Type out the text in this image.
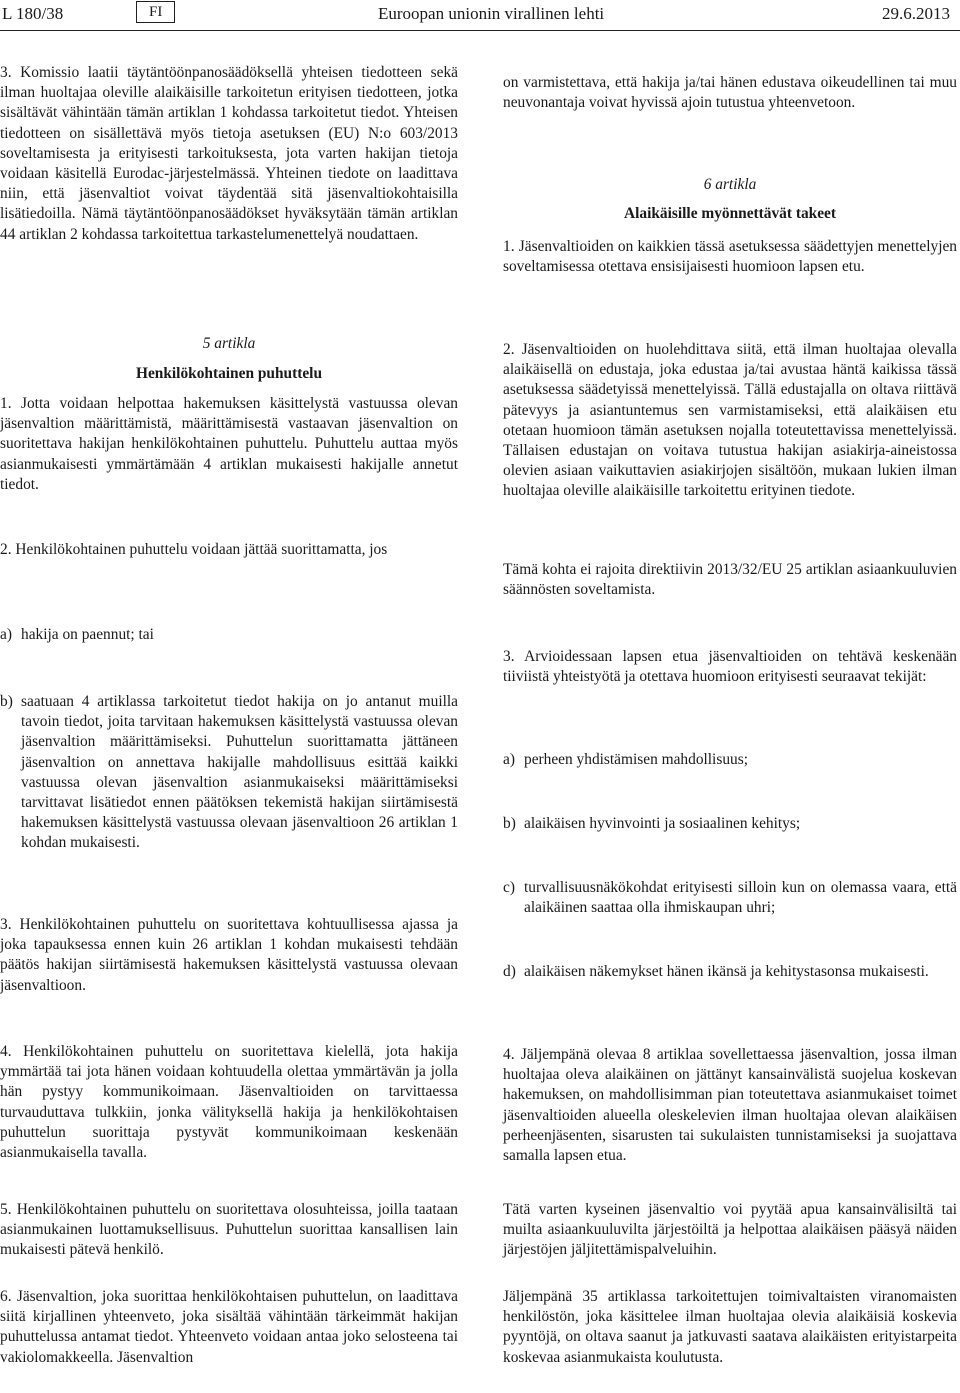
L 180/38	FI	Euroopan unionin virallinen lehti	29.6.2013

3. Komissio laatii täytäntöönpanosäädöksellä yhteisen tiedotteen sekä ilman huoltajaa oleville alaikäisille tarkoitetun erityisen tiedotteen, jotka sisältävät vähintään tämän artiklan 1 kohdassa tarkoitetut tiedot. Yhteisen tiedotteen on sisällettävä myös tietoja asetuksen (EU) N:o 603/2013 soveltamisesta ja erityisesti tarkoituksesta, jota varten hakijan tietoja voidaan käsitellä Eurodac-järjestelmässä. Yhteinen tiedote on laadittava niin, että jäsenvaltiot voivat täydentää sitä jäsenvaltiokohtaisilla lisätiedoilla. Nämä täytäntöönpanosäädökset hyväksytään tämän artiklan 44 artiklan 2 kohdassa tarkoitettua tarkastelumenettelyä noudattaen.

5 artikla

Henkilökohtainen puhuttelu

1. Jotta voidaan helpottaa hakemuksen käsittelystä vastuussa olevan jäsenvaltion määrittämistä, määrittämisestä vastaavan jäsenvaltion on suoritettava hakijan henkilökohtainen puhuttelu. Puhuttelu auttaa myös asianmukaisesti ymmärtämään 4 artiklan mukaisesti hakijalle annetut tiedot.

2. Henkilökohtainen puhuttelu voidaan jättää suorittamatta, jos

a) hakija on paennut; tai
b) saatuaan 4 artiklassa tarkoitetut tiedot hakija on jo antanut muilla tavoin tiedot, joita tarvitaan hakemuksen käsittelystä vastuussa olevan jäsenvaltion määrittämiseksi. Puhuttelun suorittamatta jättäneen jäsenvaltion on annettava hakijalle mahdollisuus esittää kaikki vastuussa olevan jäsenvaltion asianmukaiseksi määrittämiseksi tarvittavat lisätiedot ennen päätöksen tekemistä hakijan siirtämisestä hakemuksen käsittelystä vastuussa olevaan jäsenvaltioon 26 artiklan 1 kohdan mukaisesti.

3. Henkilökohtainen puhuttelu on suoritettava kohtuullisessa ajassa ja joka tapauksessa ennen kuin 26 artiklan 1 kohdan mukaisesti tehdään päätös hakijan siirtämisestä hakemuksen käsittelystä vastuussa olevaan jäsenvaltioon.

4. Henkilökohtainen puhuttelu on suoritettava kielellä, jota hakija ymmärtää tai jota hänen voidaan kohtuudella olettaa ymmärtävän ja jolla hän pystyy kommunikoimaan. Jäsenvaltioiden on tarvittaessa turvauduttava tulkkiin, jonka välityksellä hakija ja henkilökohtaisen puhuttelun suorittaja pystyvät kommunikoimaan keskenään asianmukaisella tavalla.

5. Henkilökohtainen puhuttelu on suoritettava olosuhteissa, joilla taataan asianmukainen luottamuksellisuus. Puhuttelun suorittaa kansallisen lain mukaisesti pätevä henkilö.

6. Jäsenvaltion, joka suorittaa henkilökohtaisen puhuttelun, on laadittava siitä kirjallinen yhteenveto, joka sisältää vähintään tärkeimmät hakijan puhuttelussa antamat tiedot. Yhteenveto voidaan antaa joko selosteena tai vakiolomakkeella. Jäsenvaltion

on varmistettava, että hakija ja/tai hänen edustava oikeudellinen tai muu neuvonantaja voivat hyvissä ajoin tutustua yhteenvetoon.

6 artikla

Alaikäisille myönnettävät takeet

1. Jäsenvaltioiden on kaikkien tässä asetuksessa säädettyjen menettelyjen soveltamisessa otettava ensisijaisesti huomioon lapsen etu.

2. Jäsenvaltioiden on huolehdittava siitä, että ilman huoltajaa olevalla alaikäisellä on edustaja, joka edustaa ja/tai avustaa häntä kaikissa tässä asetuksessa säädetyissä menettelyissä. Tällä edustajalla on oltava riittävä pätevyys ja asiantuntemus sen varmistamiseksi, että alaikäisen etu otetaan huomioon tämän asetuksen nojalla toteutettavissa menettelyissä. Tällaisen edustajan on voitava tutustua hakijan asiakirja-aineistossa olevien asiaan vaikuttavien asiakirjojen sisältöön, mukaan lukien ilman huoltajaa oleville alaikäisille tarkoitettu erityinen tiedote.

Tämä kohta ei rajoita direktiivin 2013/32/EU 25 artiklan asiaankuuluvien säännösten soveltamista.

3. Arvioidessaan lapsen etua jäsenvaltioiden on tehtävä keskenään tiiviistä yhteistyötä ja otettava huomioon erityisesti seuraavat tekijät:

a) perheen yhdistämisen mahdollisuus;
b) alaikäisen hyvinvointi ja sosiaalinen kehitys;
c) turvallisuusnäkökohdat erityisesti silloin kun on olemassa vaara, että alaikäinen saattaa olla ihmiskaupan uhri;
d) alaikäisen näkemykset hänen ikänsä ja kehitystasonsa mukaisesti.

4. Jäljempänä olevaa 8 artiklaa sovellettaessa jäsenvaltion, jossa ilman huoltajaa oleva alaikäinen on jättänyt kansainvälistä suojelua koskevan hakemuksen, on mahdollisimman pian toteutettava asianmukaiset toimet jäsenvaltioiden alueella oleskelevien ilman huoltajaa olevan alaikäisen perheenjäsenten, sisarusten tai sukulaisten tunnistamiseksi ja suojattava samalla lapsen etua.

Tätä varten kyseinen jäsenvaltio voi pyytää apua kansainvälisiltä tai muilta asiaankuuluvilta järjestöiltä ja helpottaa alaikäisen pääsyä näiden järjestöjen jäljitettämispalveluihin.

Jäljempänä 35 artiklassa tarkoitettujen toimivaltaisten viranomaisten henkilöstön, joka käsittelee ilman huoltajaa olevia alaikäisiä koskevia pyyntöjä, on oltava saanut ja jatkuvasti saatava alaikäisten erityistarpeita koskevaa asianmukaista koulutusta.
